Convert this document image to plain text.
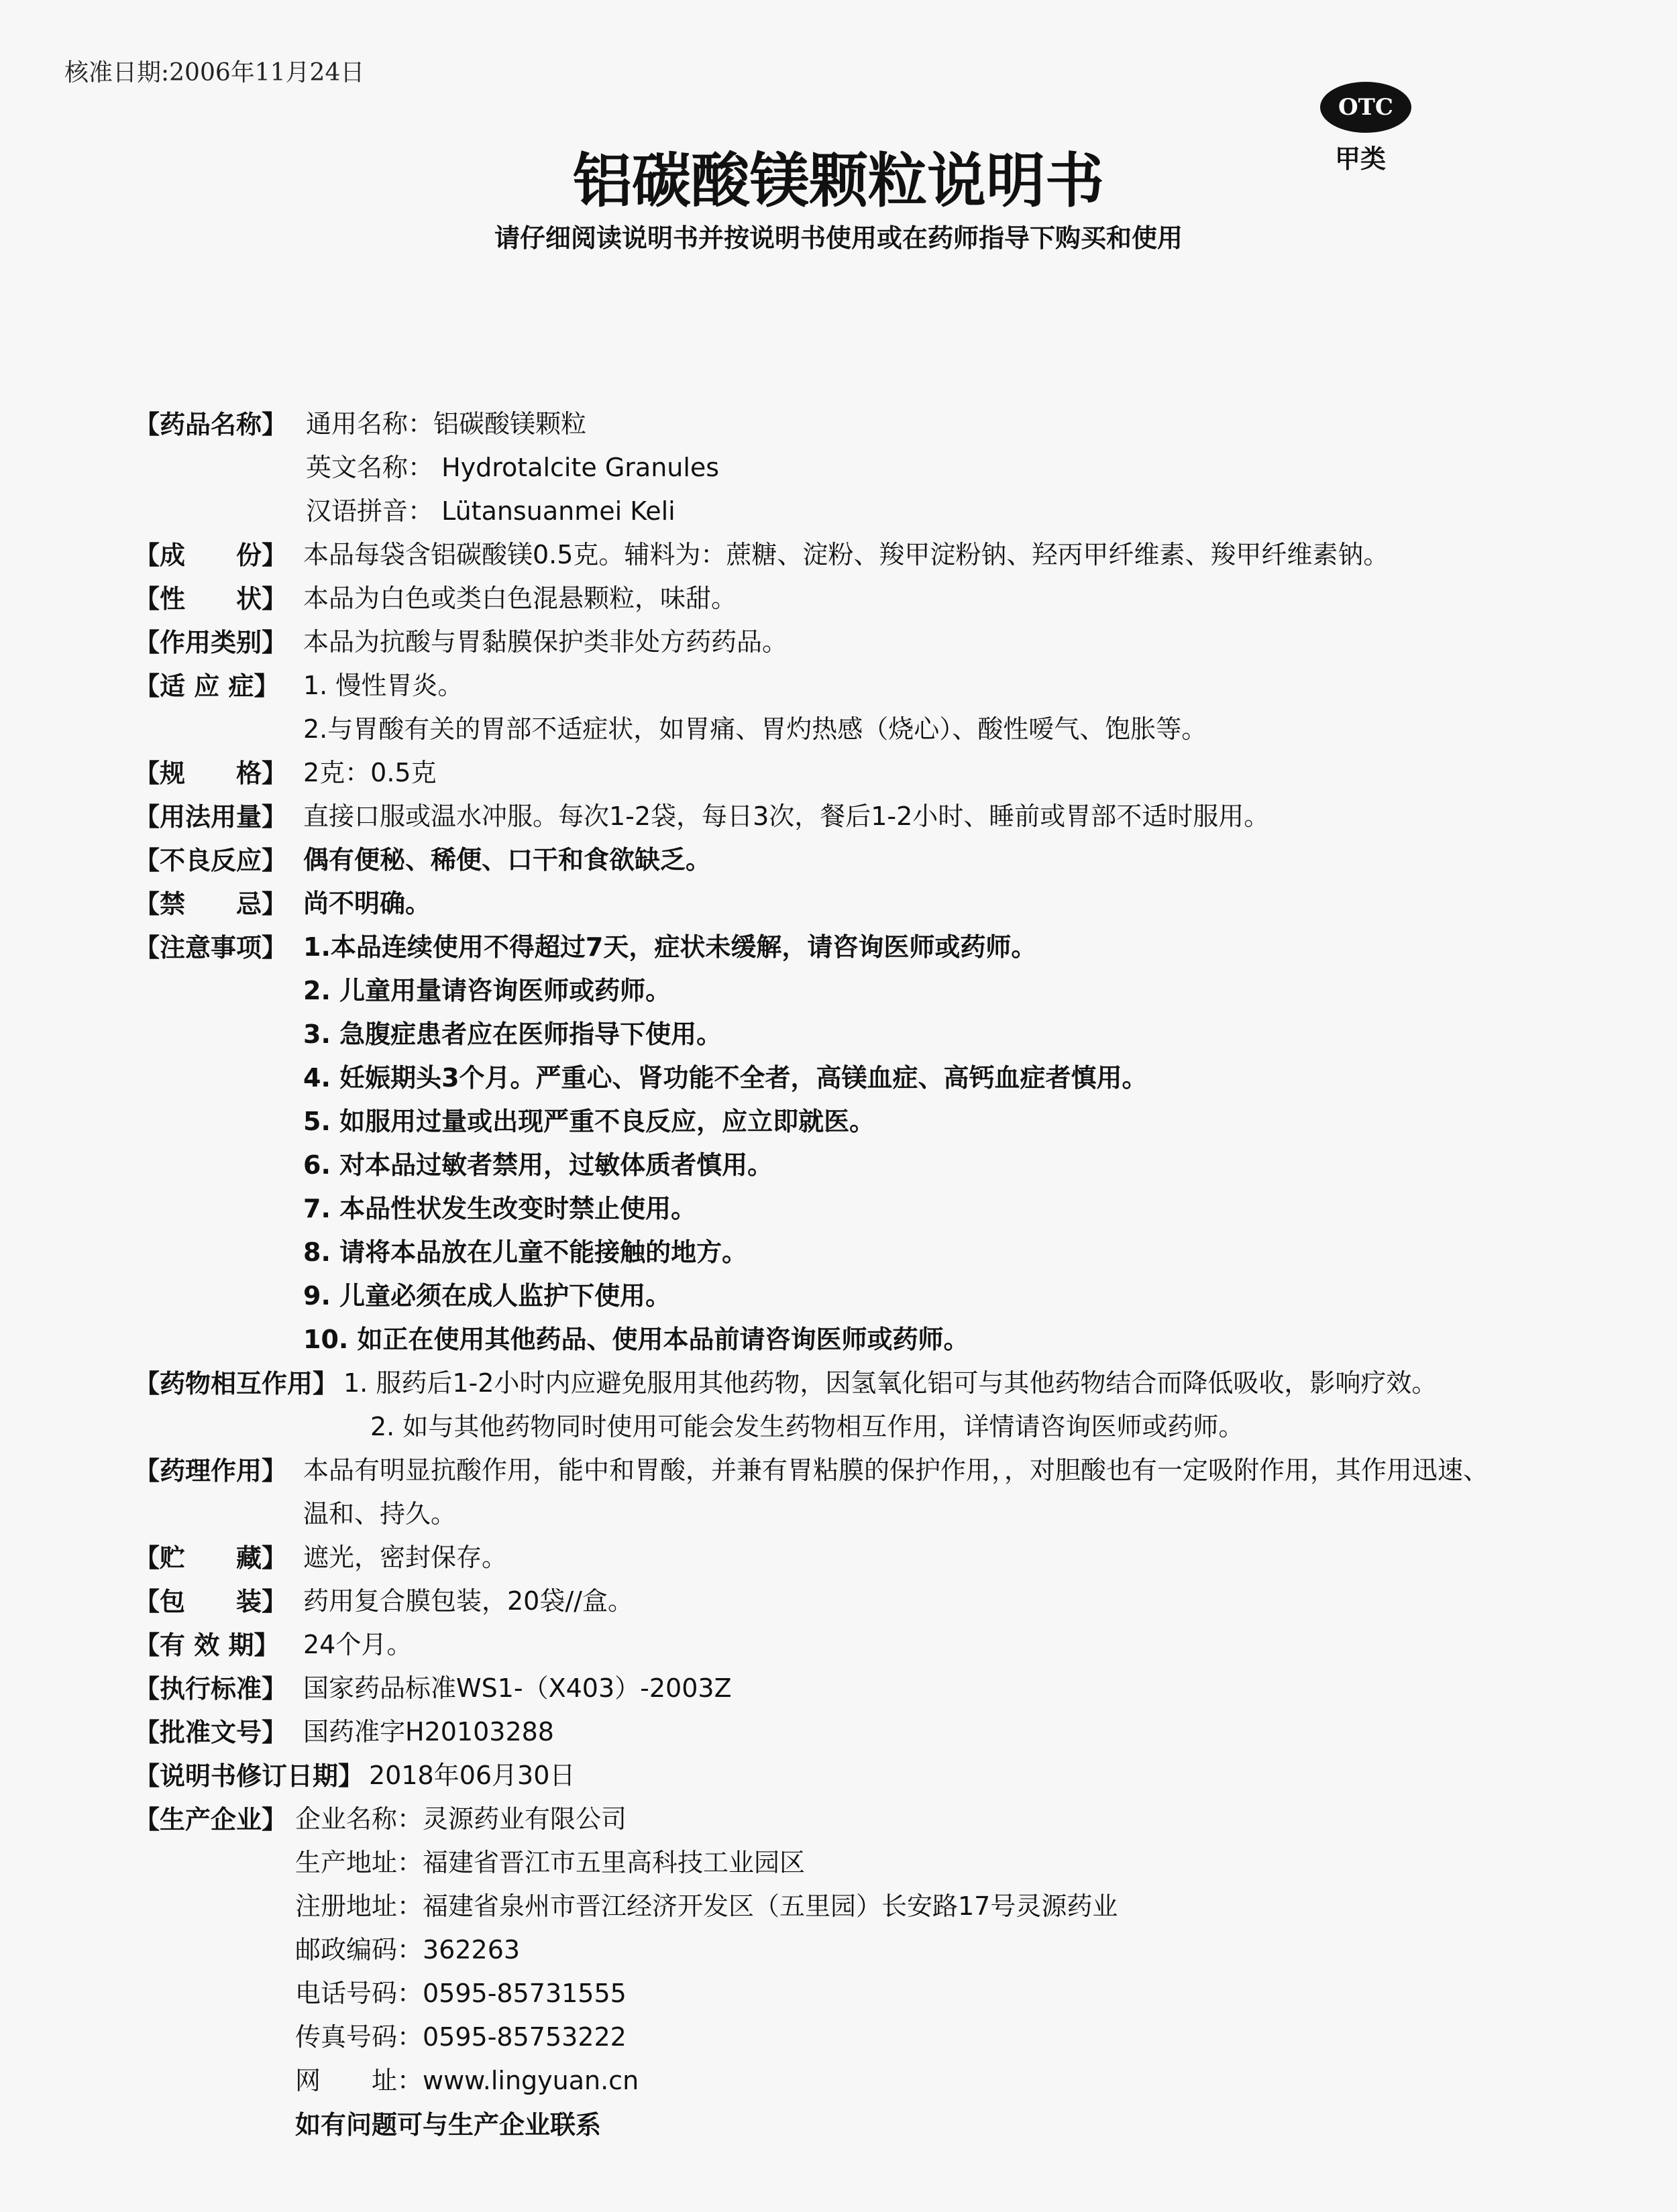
核准日期:2006年11月24日
OTC
甲类
铝碳酸镁颗粒说明书
请仔细阅读说明书并按说明书使用或在药师指导下购买和使用
【药品名称】 通用名称：铝碳酸镁颗粒
英文名称： Hydrotalcite Granules
汉语拼音： Lütansuanmei Keli
【成　　份】 本品每袋含铝碳酸镁0.5克。辅料为：蔗糖、淀粉、羧甲淀粉钠、羟丙甲纤维素、羧甲纤维素钠。
【性　　状】 本品为白色或类白色混悬颗粒，味甜。
【作用类别】 本品为抗酸与胃黏膜保护类非处方药药品。
【适 应 症】 1. 慢性胃炎。
2.与胃酸有关的胃部不适症状，如胃痛、胃灼热感（烧心）、酸性嗳气、饱胀等。
【规　　格】 2克：0.5克
【用法用量】 直接口服或温水冲服。每次1-2袋，每日3次，餐后1-2小时、睡前或胃部不适时服用。
【不良反应】 偶有便秘、稀便、口干和食欲缺乏。
【禁　　忌】 尚不明确。
【注意事项】 1.本品连续使用不得超过7天，症状未缓解，请咨询医师或药师。
2. 儿童用量请咨询医师或药师。
3. 急腹症患者应在医师指导下使用。
4. 妊娠期头3个月。严重心、肾功能不全者，高镁血症、高钙血症者慎用。
5. 如服用过量或出现严重不良反应，应立即就医。
6. 对本品过敏者禁用，过敏体质者慎用。
7. 本品性状发生改变时禁止使用。
8. 请将本品放在儿童不能接触的地方。
9. 儿童必须在成人监护下使用。
10. 如正在使用其他药品、使用本品前请咨询医师或药师。
【药物相互作用】 1. 服药后1-2小时内应避免服用其他药物，因氢氧化铝可与其他药物结合而降低吸收，影响疗效。
2. 如与其他药物同时使用可能会发生药物相互作用，详情请咨询医师或药师。
【药理作用】 本品有明显抗酸作用，能中和胃酸，并兼有胃粘膜的保护作用，，对胆酸也有一定吸附作用，其作用迅速、
温和、持久。
【贮　　藏】 遮光，密封保存。
【包　　装】 药用复合膜包装，20袋//盒。
【有 效 期】 24个月。
【执行标准】 国家药品标准WS1-（X403）-2003Z
【批准文号】 国药准字H20103288
【说明书修订日期】 2018年06月30日
【生产企业】 企业名称：灵源药业有限公司
生产地址：福建省晋江市五里高科技工业园区
注册地址：福建省泉州市晋江经济开发区（五里园）长安路17号灵源药业
邮政编码：362263
电话号码：0595-85731555
传真号码：0595-85753222
网　　址：www.lingyuan.cn
如有问题可与生产企业联系
